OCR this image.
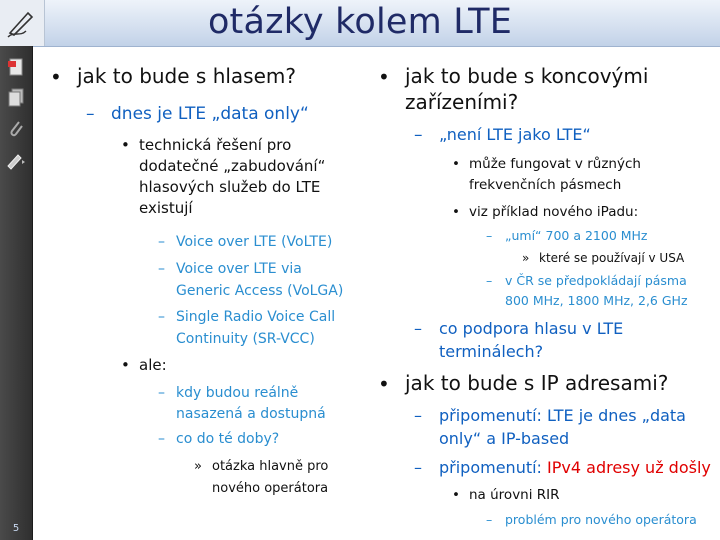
otázky kolem LTE
5
• jak to bude s hlasem?
– dnes je LTE „data only“
• technická řešení pro
dodatečné „zabudování“
hlasových služeb do LTE
existují
– Voice over LTE (VoLTE)
– Voice over LTE via
Generic Access (VoLGA)
– Single Radio Voice Call
Continuity (SR-VCC)
• ale:
– kdy budou reálně
nasazená a dostupná
– co do té doby?
» otázka hlavně pro
nového operátora
• jak to bude s koncovými
zařízeními?
– „není LTE jako LTE“
• může fungovat v různých
frekvenčních pásmech
• viz příklad nového iPadu:
– „umí“ 700 a 2100 MHz
» které se používají v USA
– v ČR se předpokládají pásma
800 MHz, 1800 MHz, 2,6 GHz
– co podpora hlasu v LTE
terminálech?
• jak to bude s IP adresami?
– připomenutí: LTE je dnes „data
only“ a IP-based
– připomenutí: IPv4 adresy už došly
• na úrovni RIR
– problém pro nového operátora
